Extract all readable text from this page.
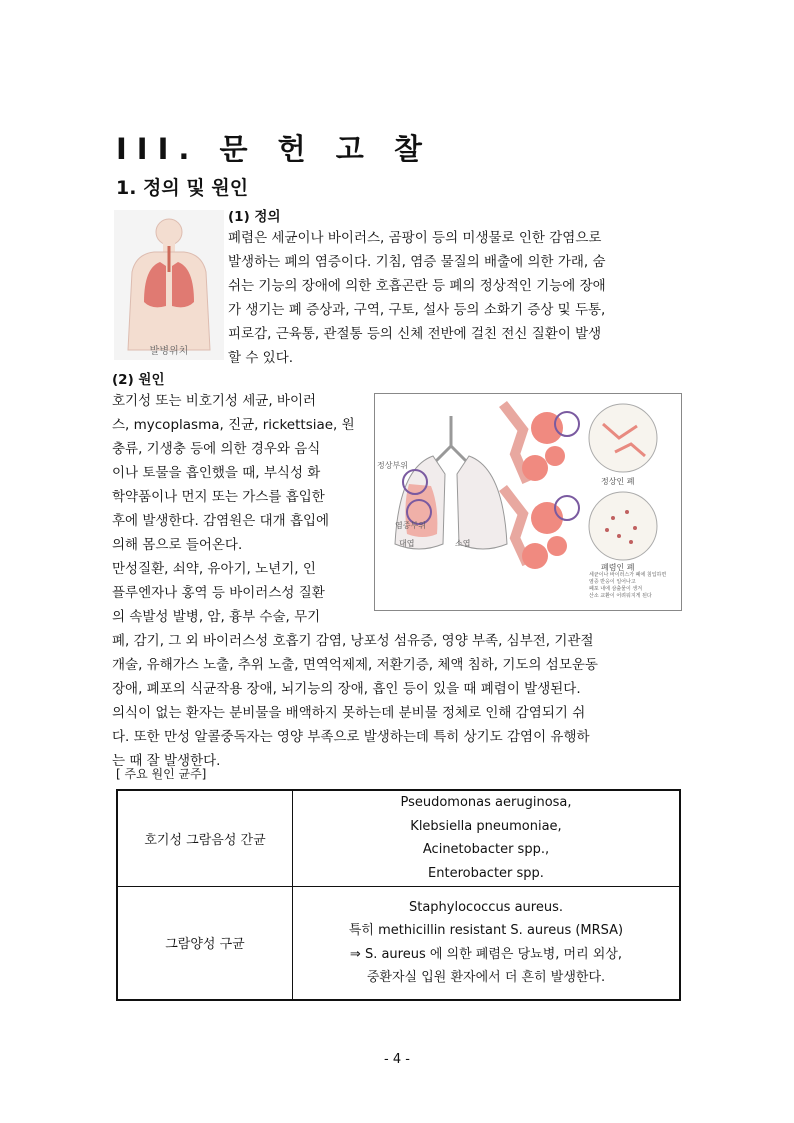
III. 문 헌 고 찰
1. 정의 및 원인
발병위치
(1) 정의

폐렴은 세균이나 바이러스, 곰팡이 등의 미생물로 인한 감염으로

발생하는 폐의 염증이다. 기침, 염증 물질의 배출에 의한 가래, 숨

쉬는 기능의 장애에 의한 호흡곤란 등 폐의 정상적인 기능에 장애

가 생기는 폐 증상과, 구역, 구토, 설사 등의 소화기 증상 및 두통,

피로감, 근육통, 관절통 등의 신체 전반에 걸친 전신 질환이 발생

할 수 있다.

(2) 원인

호기성 또는 비호기성 세균, 바이러

스, mycoplasma, 진균, rickettsiae, 원

충류, 기생충 등에 의한 경우와 음식

이나 토물을 흡인했을 때, 부식성 화

학약품이나 먼지 또는 가스를 흡입한

후에 발생한다. 감염원은 대개 흡입에

의해 몸으로 들어온다.

만성질환, 쇠약, 유아기, 노년기, 인

플루엔자나 홍역 등 바이러스성 질환

의 속발성 발병, 암, 흉부 수술, 무기

정상부위
염증부위
대엽	소엽
정상인 폐
폐렴인 폐
세균이나 바이러스가 폐에 침입하면
염증 반응이 일어나고
폐포 내에 삼출물이 생겨
산소 교환이 어려워지게 된다

폐, 감기, 그 외 바이러스성 호흡기 감염, 낭포성 섬유증, 영양 부족, 심부전, 기관절

개술, 유해가스 노출, 추위 노출, 면역억제제, 저환기증, 체액 침하, 기도의 섬모운동

장애, 폐포의 식균작용 장애, 뇌기능의 장애, 흡인 등이 있을 때 폐렴이 발생된다.

의식이 없는 환자는 분비물을 배액하지 못하는데 분비물 정체로 인해 감염되기 쉬

다. 또한 만성 알콜중독자는 영양 부족으로 발생하는데 특히 상기도 감염이 유행하

는 때 잘 발생한다.

[ 주요 원인 균주]
호기성 그람음성 간균	Pseudomonas aeruginosa,
Klebsiella pneumoniae,
Acinetobacter spp.,
Enterobacter spp.

그람양성 구균	Staphylococcus aureus.
특히 methicillin resistant S. aureus (MRSA)
⇒ S. aureus 에 의한 폐렴은 당뇨병, 머리 외상,
중환자실 입원 환자에서 더 흔히 발생한다.
- 4 -
